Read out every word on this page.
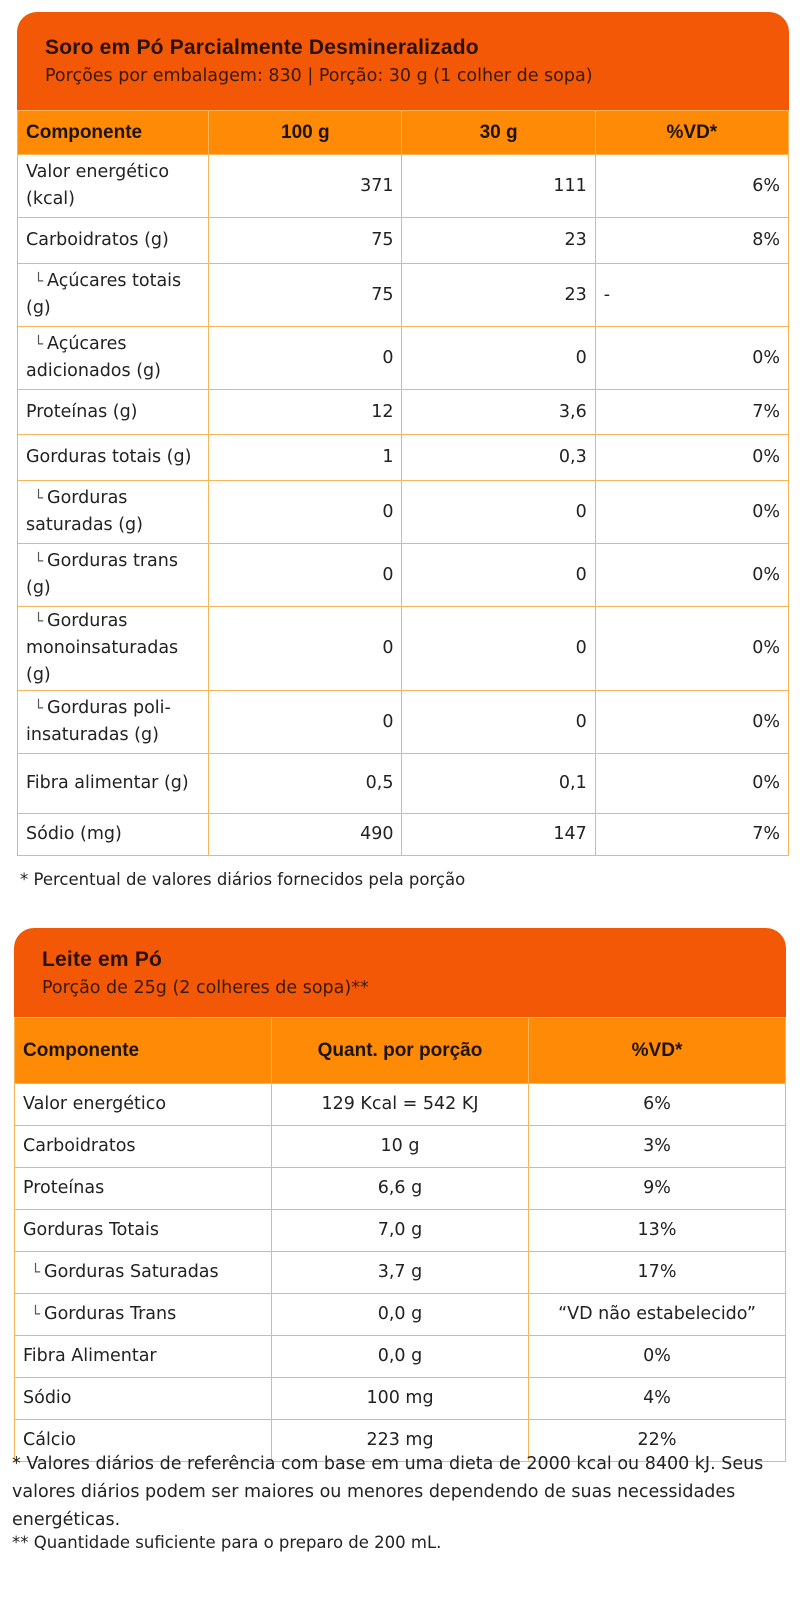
Soro em Pó Parcialmente Desmineralizado
Porções por embalagem: 830 | Porção: 30 g (1 colher de sopa)
Componente	100 g	30 g	%VD*
Valor energético (kcal)	371	111	6%
Carboidratos (g)	75	23	8%
└ Açúcares totais (g)	75	23	-
└ Açúcares adicionados (g)	0	0	0%
Proteínas (g)	12	3,6	7%
Gorduras totais (g)	1	0,3	0%
└ Gorduras saturadas (g)	0	0	0%
└ Gorduras trans (g)	0	0	0%
└ Gorduras monoinsaturadas (g)	0	0	0%
└ Gorduras poli-insaturadas (g)	0	0	0%
Fibra alimentar (g)	0,5	0,1	0%
Sódio (mg)	490	147	7%
* Percentual de valores diários fornecidos pela porção
Leite em Pó
Porção de 25g (2 colheres de sopa)**
Componente	Quant. por porção	%VD*
Valor energético	129 Kcal = 542 KJ	6%
Carboidratos	10 g	3%
Proteínas	6,6 g	9%
Gorduras Totais	7,0 g	13%
└ Gorduras Saturadas	3,7 g	17%
└ Gorduras Trans	0,0 g	“VD não estabelecido”
Fibra Alimentar	0,0 g	0%
Sódio	100 mg	4%
Cálcio	223 mg	22%
* Valores diários de referência com base em uma dieta de 2000 kcal ou 8400 kJ. Seus valores diários podem ser maiores ou menores dependendo de suas necessidades energéticas.
** Quantidade suficiente para o preparo de 200 mL.
